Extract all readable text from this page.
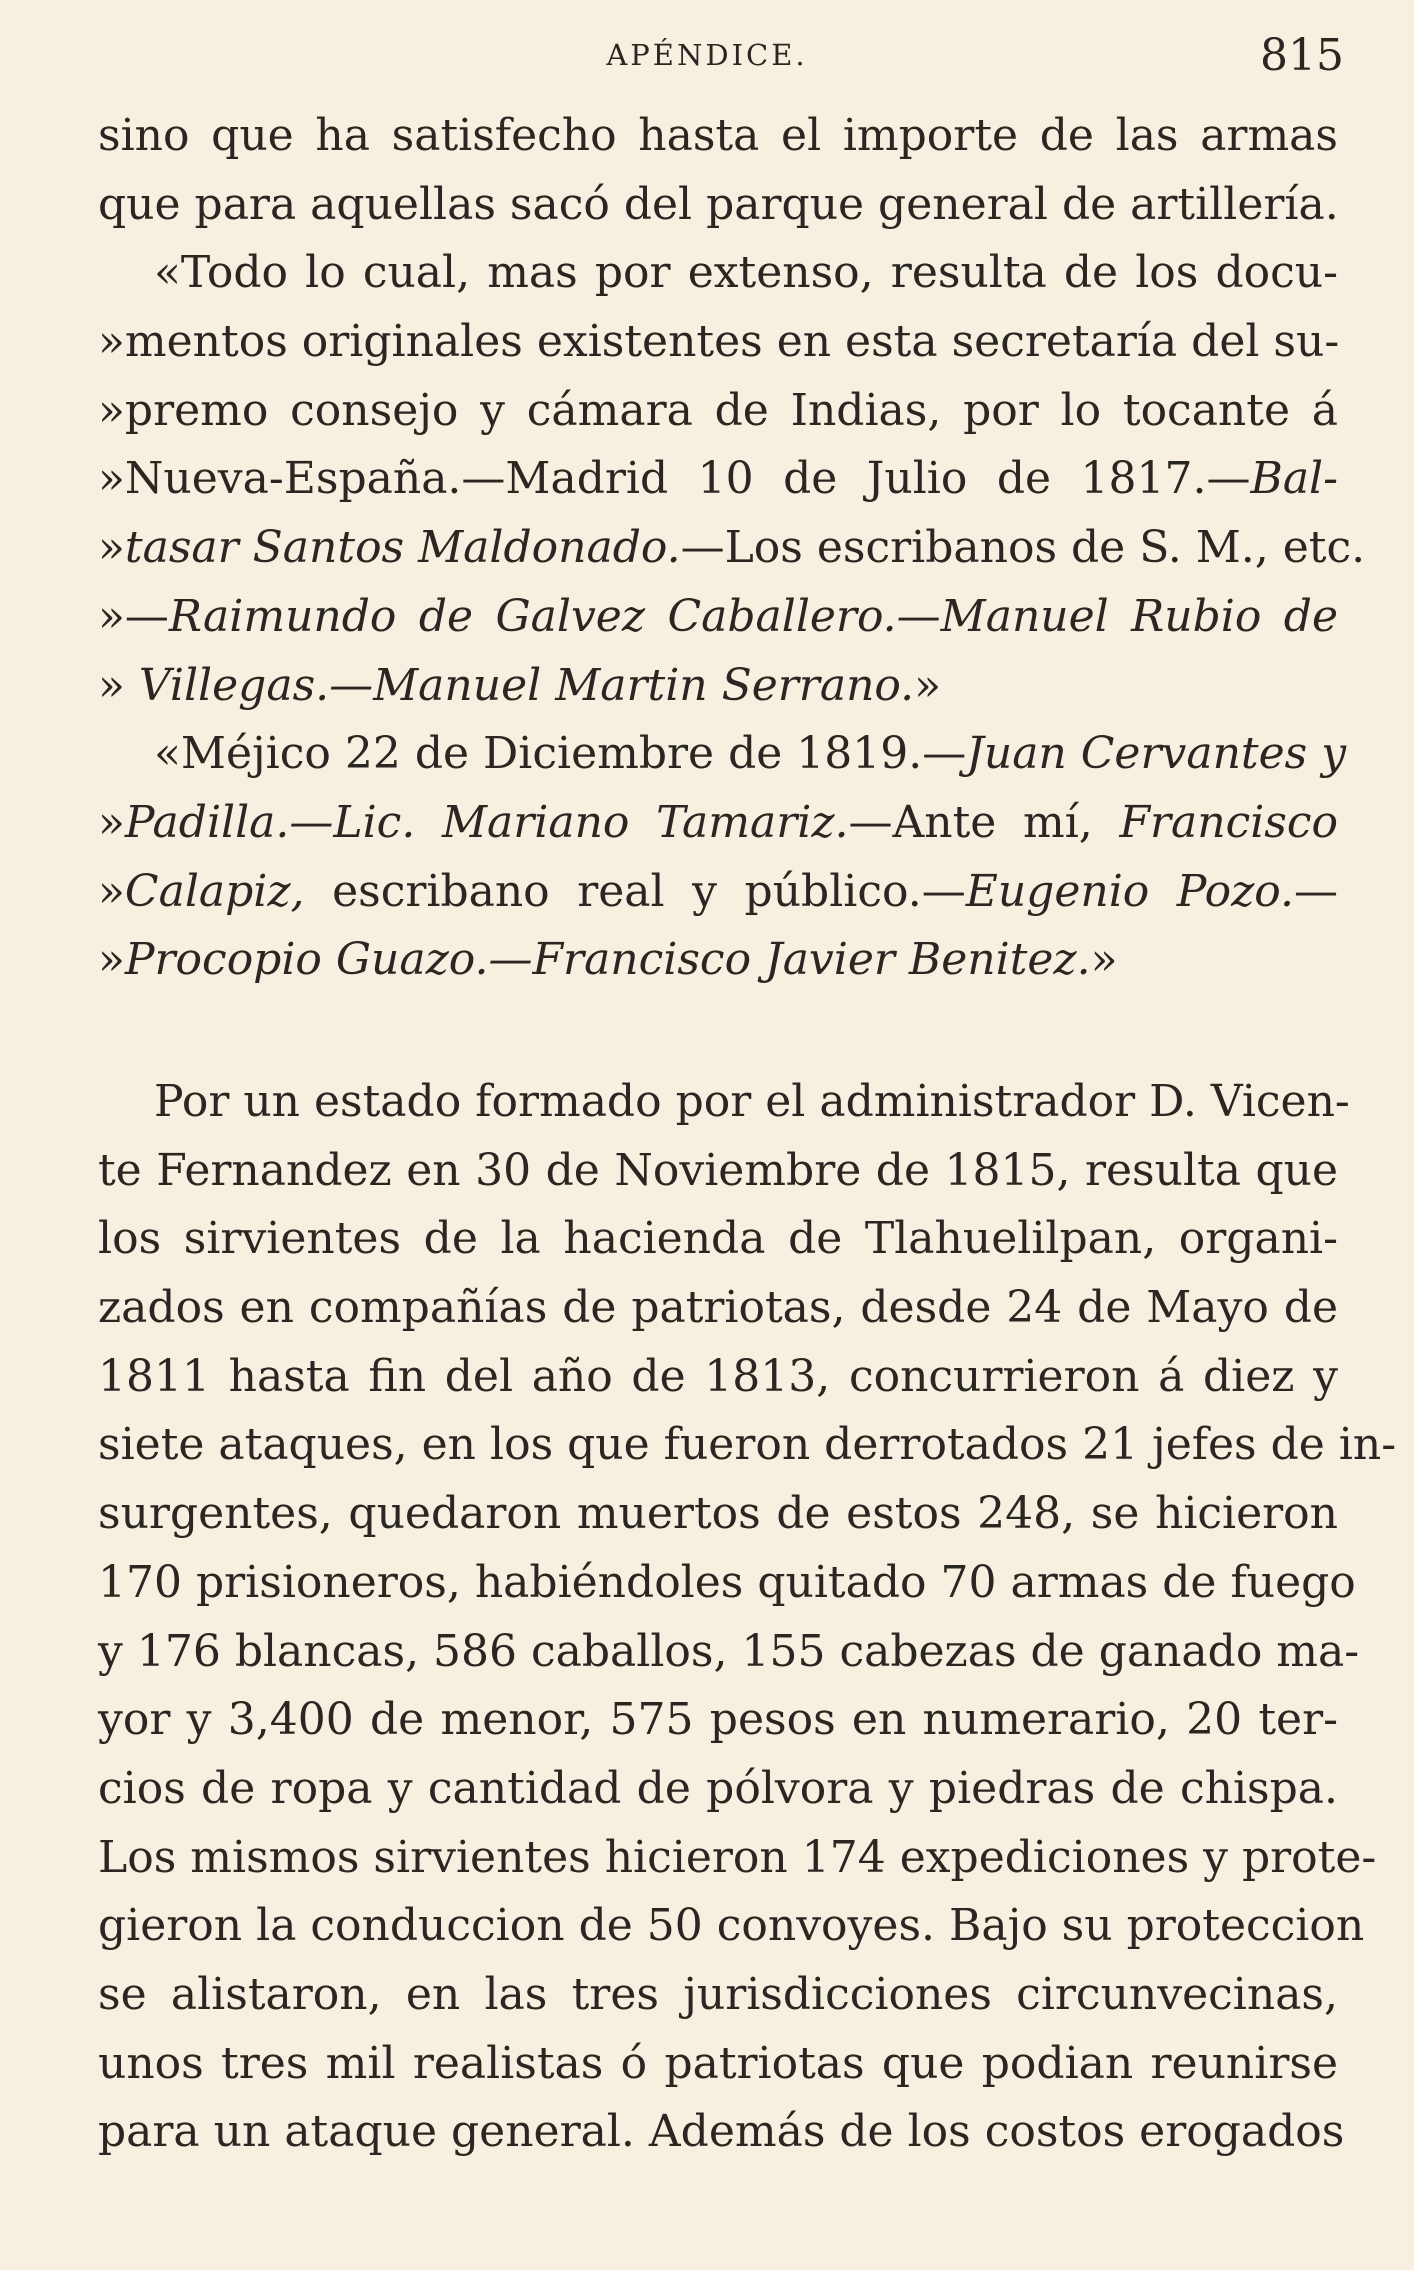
APÉNDICE.	815
sino que ha satisfecho hasta el importe de las armas
que para aquellas sacó del parque general de artillería.
«Todo lo cual, mas por extenso, resulta de los docu-
»mentos originales existentes en esta secretaría del su-
»premo consejo y cámara de Indias, por lo tocante á
»Nueva-España.—Madrid 10 de Julio de 1817.—Bal-
»tasar Santos Maldonado.—Los escribanos de S. M., etc.
»—Raimundo de Galvez Caballero.—Manuel Rubio de
» Villegas.—Manuel Martin Serrano.»
«Méjico 22 de Diciembre de 1819.—Juan Cervantes y
»Padilla.—Lic. Mariano Tamariz.—Ante mí, Francisco
»Calapiz, escribano real y público.—Eugenio Pozo.—
»Procopio Guazo.—Francisco Javier Benitez.»
Por un estado formado por el administrador D. Vicen-
te Fernandez en 30 de Noviembre de 1815, resulta que
los sirvientes de la hacienda de Tlahuelilpan, organi-
zados en compañías de patriotas, desde 24 de Mayo de
1811 hasta fin del año de 1813, concurrieron á diez y
siete ataques, en los que fueron derrotados 21 jefes de in-
surgentes, quedaron muertos de estos 248, se hicieron
170 prisioneros, habiéndoles quitado 70 armas de fuego
y 176 blancas, 586 caballos, 155 cabezas de ganado ma-
yor y 3,400 de menor, 575 pesos en numerario, 20 ter-
cios de ropa y cantidad de pólvora y piedras de chispa.
Los mismos sirvientes hicieron 174 expediciones y prote-
gieron la conduccion de 50 convoyes. Bajo su proteccion
se alistaron, en las tres jurisdicciones circunvecinas,
unos tres mil realistas ó patriotas que podian reunirse
para un ataque general. Además de los costos erogados
